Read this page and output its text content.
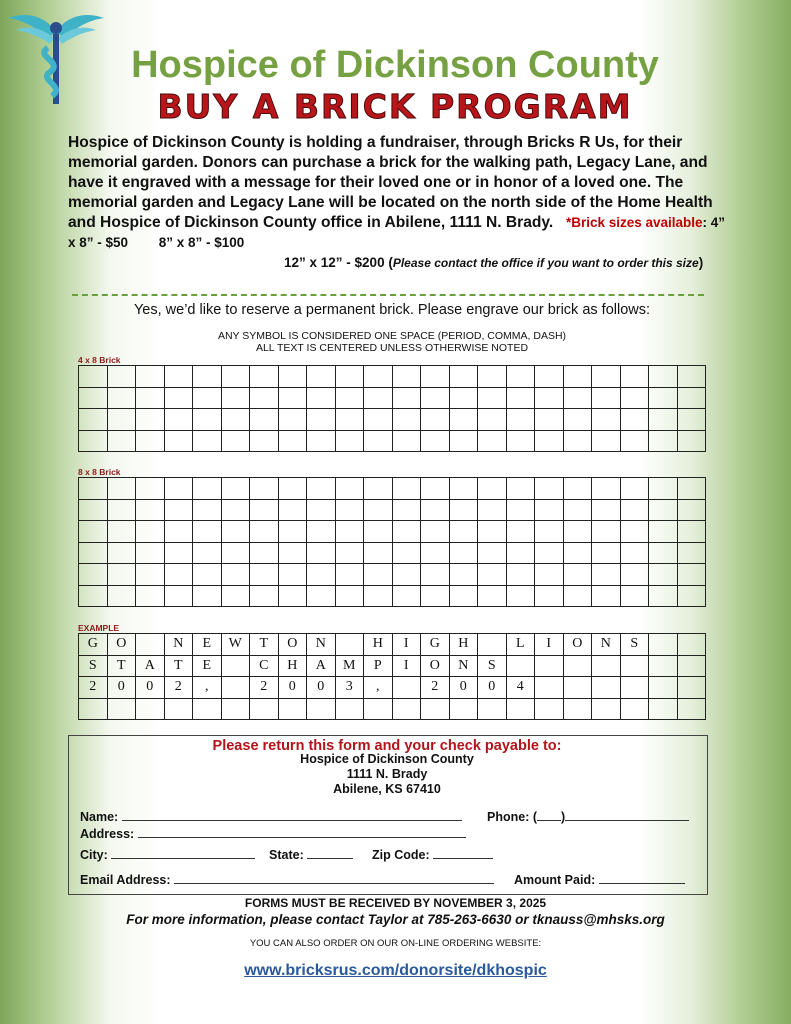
Hospice of Dickinson County
BUY A BRICK PROGRAM
Hospice of Dickinson County is holding a fundraiser, through Bricks R Us, for their memorial garden. Donors can purchase a brick for the walking path, Legacy Lane, and have it engraved with a message for their loved one or in honor of a loved one. The memorial garden and Legacy Lane will be located on the north side of the Home Health and Hospice of Dickinson County office in Abilene, 1111 N. Brady. *Brick sizes available: 4” x 8” - $50 8” x 8” - $100
12” x 12” - $200 (Please contact the office if you want to order this size)
Yes, we’d like to reserve a permanent brick. Please engrave our brick as follows:
ANY SYMBOL IS CONSIDERED ONE SPACE (PERIOD, COMMA, DASH)
ALL TEXT IS CENTERED UNLESS OTHERWISE NOTED
4 x 8 Brick

8 x 8 Brick

EXAMPLE
G	O		N	E	W	T	O	N		H	I	G	H		L	I	O	N	S		
S	T	A	T	E		C	H	A	M	P	I	O	N	S							
2	0	0	2	,		2	0	0	3	,		2	0	0	4						

Please return this form and your check payable to:
Hospice of Dickinson County
1111 N. Brady
Abilene, KS 67410
Name:	Phone: ( )
Address:
City:	State:	Zip Code:
Email Address:	Amount Paid:
FORMS MUST BE RECEIVED BY NOVEMBER 3, 2025
For more information, please contact Taylor at 785-263-6630 or tknauss@mhsks.org
YOU CAN ALSO ORDER ON OUR ON-LINE ORDERING WEBSITE:
www.bricksrus.com/donorsite/dkhospic
